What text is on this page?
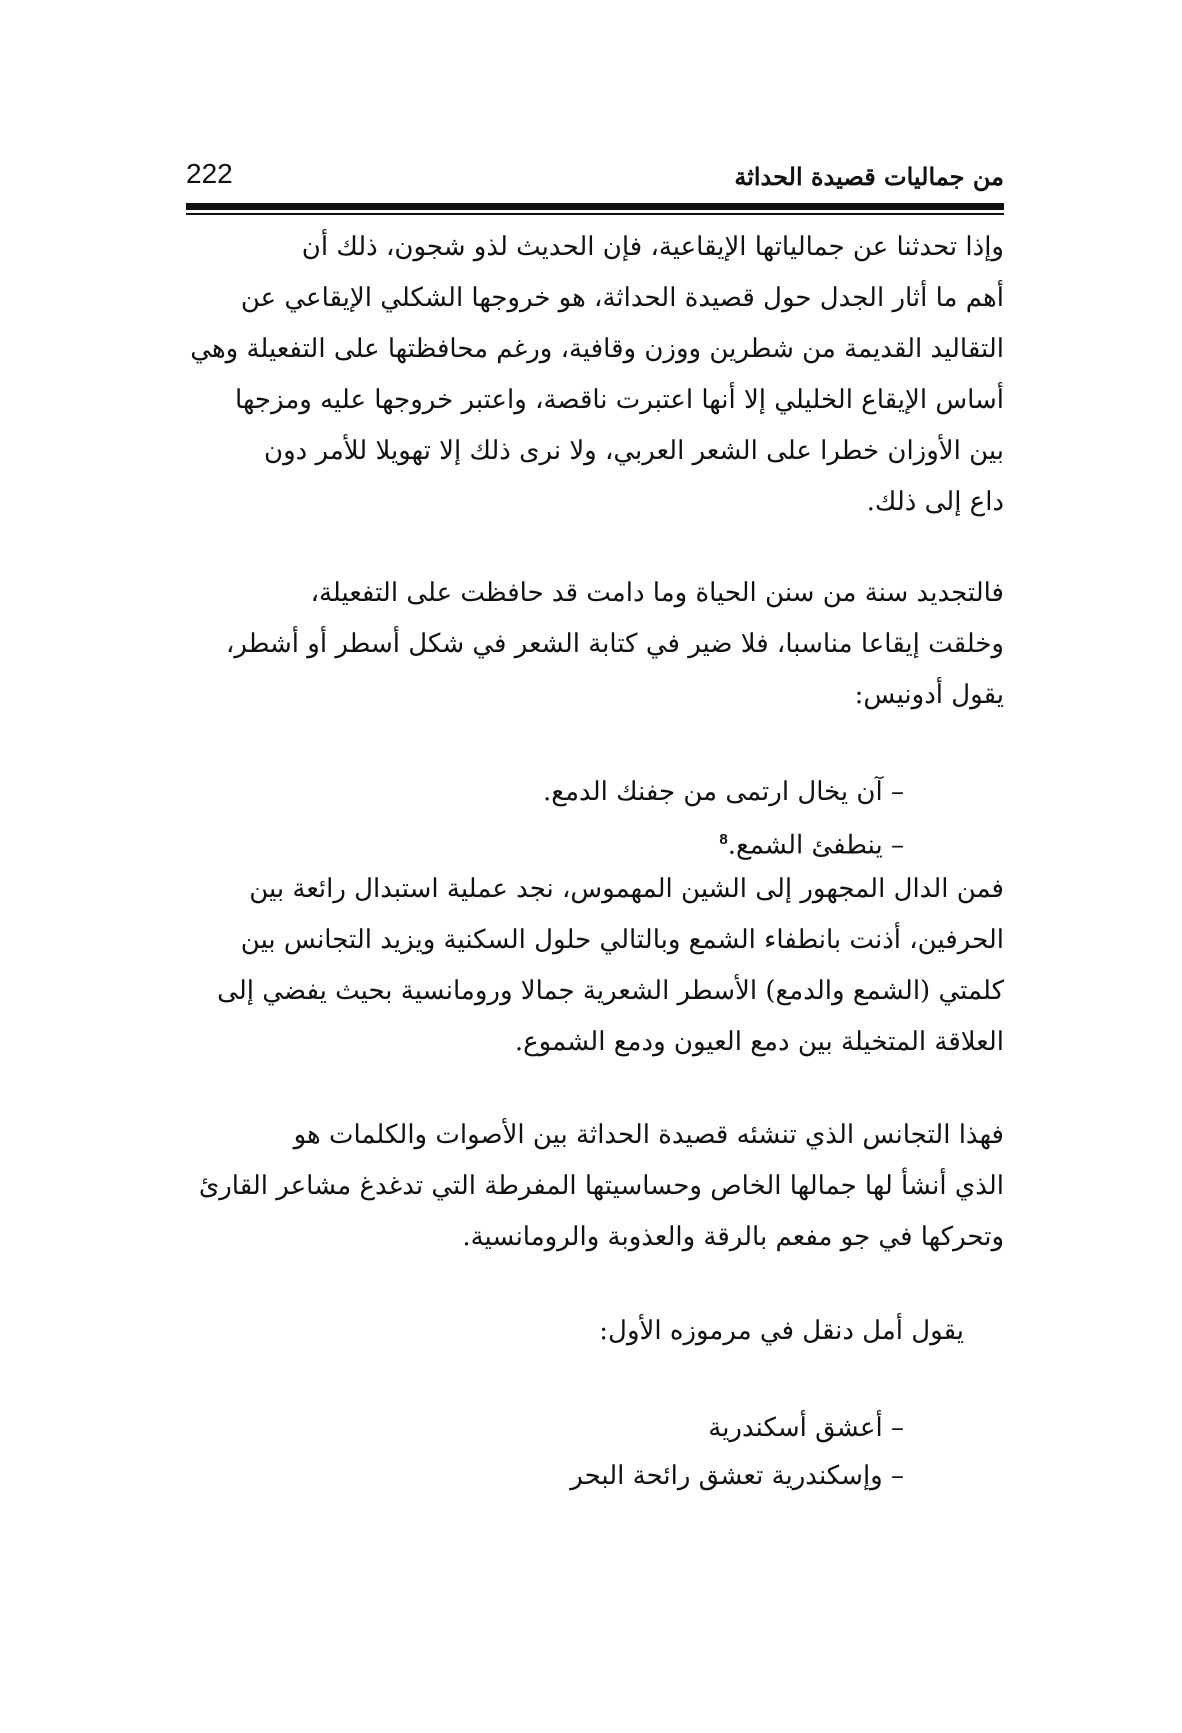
من جماليات قصيدة الحداثة
222

وإذا تحدثنا عن جمالياتها الإيقاعية، فإن الحديث لذو شجون، ذلك أن
أهم ما أثار الجدل حول قصيدة الحداثة، هو خروجها الشكلي الإيقاعي عن
التقاليد القديمة من شطرين ووزن وقافية، ورغم محافظتها على التفعيلة وهي
أساس الإيقاع الخليلي إلا أنها اعتبرت ناقصة، واعتبر خروجها عليه ومزجها
بين الأوزان خطرا على الشعر العربي، ولا نرى ذلك إلا تهويلا للأمر دون
داع إلى ذلك.

فالتجديد سنة من سنن الحياة وما دامت قد حافظت على التفعيلة،
وخلقت إيقاعا مناسبا، فلا ضير في كتابة الشعر في شكل أسطر أو أشطر،
يقول أدونيس:

– آن يخال ارتمى من جفنك الدمع.
– ينطفئ الشمع.$^8$

فمن الدال المجهور إلى الشين المهموس، نجد عملية استبدال رائعة بين
الحرفين، أذنت بانطفاء الشمع وبالتالي حلول السكنية ويزيد التجانس بين
كلمتي (الشمع والدمع) الأسطر الشعرية جمالا ورومانسية بحيث يفضي إلى
العلاقة المتخيلة بين دمع العيون ودمع الشموع.

فهذا التجانس الذي تنشئه قصيدة الحداثة بين الأصوات والكلمات هو
الذي أنشأ لها جمالها الخاص وحساسيتها المفرطة التي تدغدغ مشاعر القارئ
وتحركها في جو مفعم بالرقة والعذوبة والرومانسية.

يقول أمل دنقل في مرموزه الأول:

– أعشق أسكندرية
– وإسكندرية تعشق رائحة البحر
